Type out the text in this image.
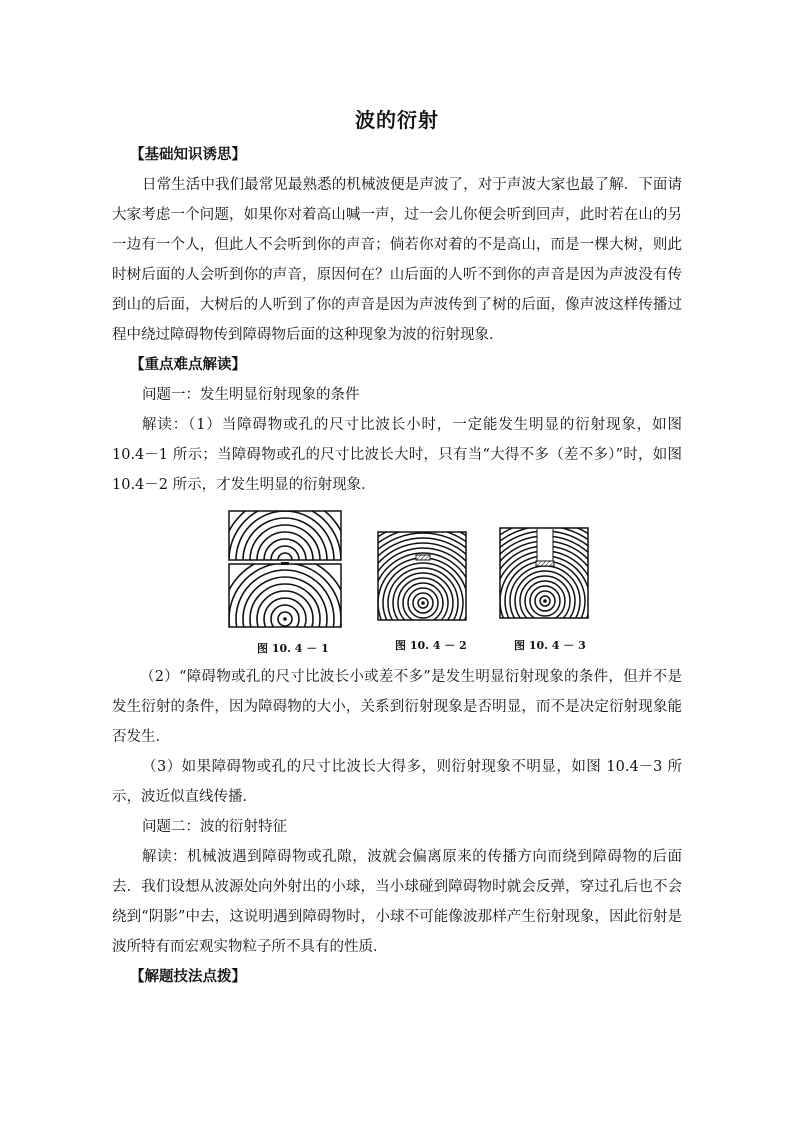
波的衍射
【基础知识诱思】

日常生活中我们最常见最熟悉的机械波便是声波了，对于声波大家也最了解．下面请大家考虑一个问题，如果你对着高山喊一声，过一会儿你便会听到回声，此时若在山的另一边有一个人，但此人不会听到你的声音；倘若你对着的不是高山，而是一棵大树，则此时树后面的人会听到你的声音，原因何在？山后面的人听不到你的声音是因为声波没有传到山的后面，大树后的人听到了你的声音是因为声波传到了树的后面，像声波这样传播过程中绕过障碍物传到障碍物后面的这种现象为波的衍射现象．

【重点难点解读】

问题一：发生明显衍射现象的条件

解读：（1）当障碍物或孔的尺寸比波长小时，一定能发生明显的衍射现象，如图 10.4－1 所示；当障碍物或孔的尺寸比波长大时，只有当“大得不多（差不多）”时，如图 10.4－2 所示，才发生明显的衍射现象．

图 10. 4 － 1	图 10. 4 － 2	图 10. 4 － 3

（2）“障碍物或孔的尺寸比波长小或差不多”是发生明显衍射现象的条件，但并不是发生衍射的条件，因为障碍物的大小，关系到衍射现象是否明显，而不是决定衍射现象能否发生．

（3）如果障碍物或孔的尺寸比波长大得多，则衍射现象不明显，如图 10.4－3 所示，波近似直线传播．

问题二：波的衍射特征

解读：机械波遇到障碍物或孔隙，波就会偏离原来的传播方向而绕到障碍物的后面去．我们设想从波源处向外射出的小球，当小球碰到障碍物时就会反弹，穿过孔后也不会绕到“阴影”中去，这说明遇到障碍物时，小球不可能像波那样产生衍射现象，因此衍射是波所特有而宏观实物粒子所不具有的性质．

【解题技法点拨】
